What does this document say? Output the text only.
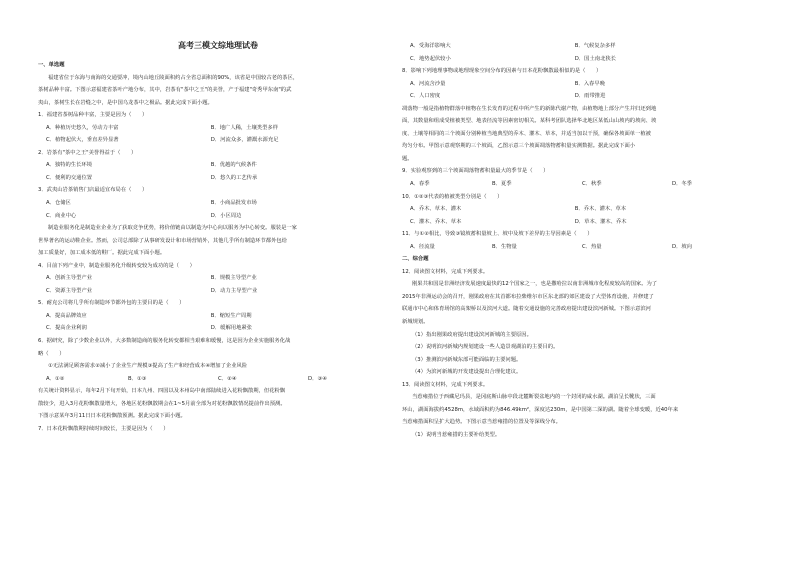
高考三模文综地理试卷
一、单选题
福建省位于东海与南海的交通要冲，境内山地丘陵面积约占全省总面积的90%，该省是中国较古老的茶区，
茶树品种丰富。下图示意福建省茶叶产地分布，其中，岩茶有"茶中之王"的美誉，产于福建"奇秀甲东南"的武
夷山，茶树生长在岩缝之中，是中国乌龙茶中之极品。据此完成下面小题。
1．福建省茶树品种丰富，主要是因为（　　）
A．种植历史悠久，劳动力丰富	B．地广人稀，土壤类型多样
C．植物起伏大，垂直差异显著	D．河流众多，灌溉水源充足
2．岩茶有"茶中之王"美誉得益于（　　）
A．独特的生长环境	B．优越的气候条件
C．便利的交通位置	D．悠久的工艺传承
3．武夷山岩茶销售门店最适宜布局在（　　）
A．仓储区	B．小商品批发市场
C．商业中心	D．小区周边
制造业服务化是制造业企业为了获取竞争优势，将价值链由以制造为中心向以服务为中心转变。服装是一家
世界著名的运动鞋企业。然而，公司总部除了从事研发设计和市场营销外，其他几乎所有制造环节都外包给
加工质量好，加工成本低的鞋厂。据此完成下面小题。
4．目前下列产业中，制造业服务化升级转变较为成功的是（　　）
A．创新主导型产业	B．规模主导型产业
C．资源主导型产业	D．动力主导型产业
5．耐克公司将几乎所有制造环节都外包的主要目的是（　　）
A．提高品牌效应	B．缩短生产周期
C．提高企业利润	D．缓解用地紧张
6．据研究，除了少数企业以外，大多数制造商的服务化转变都相当艰难和缓慢，这是因为企业实施服务化战
略（　　）
①无法满足顾客需求②减小了企业生产规模③提高了生产和经营成本④增加了企业风险
A．①②	B．①③	C．②④	D．③④
有关统计资料显示，每年2月下旬开始，日本九州、四国以及本州岛中南部陆续进入花粉飘散期，但花粉飘
散较少，进入3月花粉飘散量增大，各地区花粉飘散期会在1~5月前全部为对花粉飘散情况提前作出预测。
下图示意某年3月11日日本花粉飘散预测。据此完成下面小题。
7．日本花粉飘散期持续时间较长，主要是因为（　　）
A．受海洋影响大	B．气候复杂多样
C．地势起伏较小	D．国土南北狭长
8．影响下列地理事物或地理现象空间分布的因素与日本花粉飘散最相似的是（　　）
A．河流含沙量	B．入春早晚
C．人口密度	D．雨带推进
凋落物一般是指植物群落中植物在生长发育的过程中所产生的新陈代谢产物，由植物地上部分产生并归还到地
面，其数量和组成受植被类型、地表径流等因素密切相关。某科考团队选择华北地区某低山山坡内的坡向、坡
度、土壤等相同的三个坡面分别种植当地典型的乔木、灌木、草本，并适当加以干预，确保各坡面单一植被
均匀分布。甲图示意观察期的三个坡面，乙图示意三个坡面凋落物蓄积量实测数据。据此完成下面小
题。
9．实验观察到的三个坡面凋落物蓄积量最大的季节是（　　）
A．春季	B．夏季	C．秋季	D．冬季
10．①②③代表的植被类型分别是（　　）
A．乔木、草本、灌木	B．乔木、灌木、草本
C．灌木、乔木、草本	D．草本、灌木、乔木
11．与①②相比，导致③镜坡蓄积量坡上、坡中及坡下差异的主导因素是（　　）
A．径流量	B．生物量	C．热量	D．坡向
二、综合题
12．阅读图文材料，完成下列要求。
刚果共和国是非洲经济发展速度最快的12个国家之一，也是撒哈拉以南非洲城市化程度较高的国家。为了
2015年非洲运动会的召开，刚果政府在其首都布拉柴维尔市区东北部的郊区建设了大型体育设施，并修建了
联通市中心和体育场馆的高架桥以及滨河大道。随着交通设施的完善政府提出建设滨河新城。下图示意滨河
新城规划。
（1）指出刚果政府提出建设滨河新城的主要原因。
（2）说明滨河新城内规划建设一些人造景观湖泊的主要目的。
（3）推测滨河新城东部可能面临的主要问题。
（4）为滨河新城的开发建设提出合理化建议。
13．阅读图文材料，完成下列要求。
当惹雍措位于西藏尼玛县，是冈底斯山脉中段北麓断裂盆地内的一个封闭的咸水湖。湖泊呈长靴状，三面
环山，湖面海拔约4528m，水域面积约为846.49km²，深度达230m，是中国第二深的湖。随着全球变暖，近40年来
当惹雍措面积呈扩大趋势。下图示意当惹雍措的位置及等深线分布。
（1）说明当惹雍措的主要补给类型。
